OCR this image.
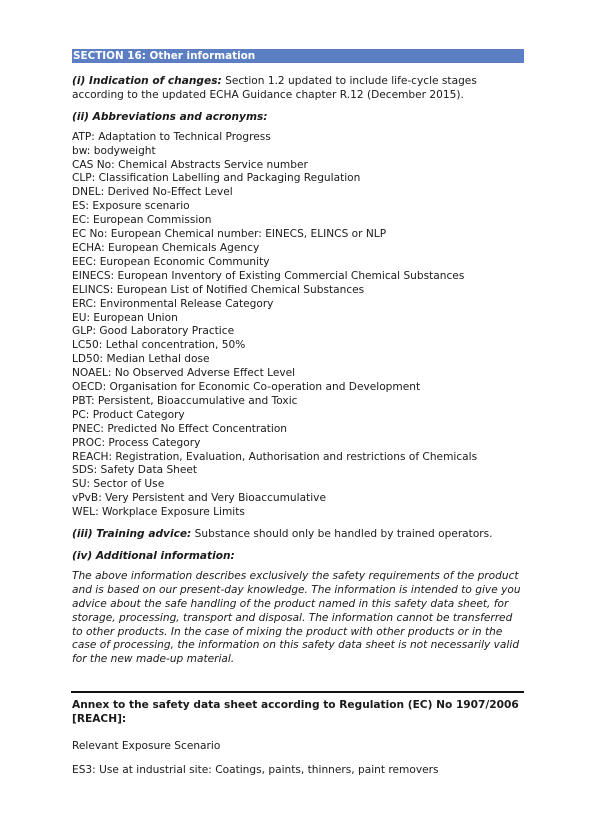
SECTION 16: Other information

(i) Indication of changes: Section 1.2 updated to include life-cycle stages according to the updated ECHA Guidance chapter R.12 (December 2015).

(ii) Abbreviations and acronyms:

ATP: Adaptation to Technical Progress
bw: bodyweight
CAS No: Chemical Abstracts Service number
CLP: Classification Labelling and Packaging Regulation
DNEL: Derived No-Effect Level
ES: Exposure scenario
EC: European Commission
EC No: European Chemical number: EINECS, ELINCS or NLP
ECHA: European Chemicals Agency
EEC: European Economic Community
EINECS: European Inventory of Existing Commercial Chemical Substances
ELINCS: European List of Notified Chemical Substances
ERC: Environmental Release Category
EU: European Union
GLP: Good Laboratory Practice
LC50: Lethal concentration, 50%
LD50: Median Lethal dose
NOAEL: No Observed Adverse Effect Level
OECD: Organisation for Economic Co-operation and Development
PBT: Persistent, Bioaccumulative and Toxic
PC: Product Category
PNEC: Predicted No Effect Concentration
PROC: Process Category
REACH: Registration, Evaluation, Authorisation and restrictions of Chemicals
SDS: Safety Data Sheet
SU: Sector of Use
vPvB: Very Persistent and Very Bioaccumulative
WEL: Workplace Exposure Limits

(iii) Training advice: Substance should only be handled by trained operators.

(iv) Additional information:

The above information describes exclusively the safety requirements of the product and is based on our present-day knowledge. The information is intended to give you advice about the safe handling of the product named in this safety data sheet, for storage, processing, transport and disposal. The information cannot be transferred to other products. In the case of mixing the product with other products or in the case of processing, the information on this safety data sheet is not necessarily valid for the new made-up material.

Annex to the safety data sheet according to Regulation (EC) No 1907/2006 [REACH]:

Relevant Exposure Scenario

ES3: Use at industrial site: Coatings, paints, thinners, paint removers
